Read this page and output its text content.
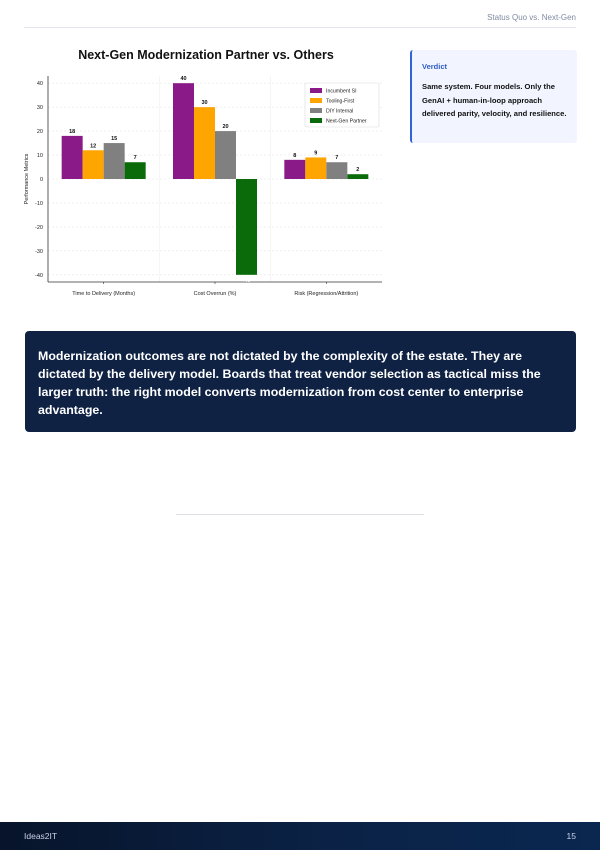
Status Quo vs. Next-Gen
Next-Gen Modernization Partner vs. Others
40
30
20
10
0
-10
-20
-30
-40
Performance Metrics
18
12
15
7
Time to Delivery (Months)
40
30
20
-40
Cost Overrun (%)
8	9
7
2
Risk (Regression/Attrition)
Incumbent SI
Tooling-First
DIY Internal
Next-Gen Partner
Verdict
Same system. Four models. Only the GenAI + human-in-loop approach delivered parity, velocity, and resilience.
Modernization outcomes are not dictated by the complexity of the estate. They are dictated by the delivery model. Boards that treat vendor selection as tactical miss the larger truth: the right model converts modernization from cost center to enterprise advantage.
Ideas2IT	15
